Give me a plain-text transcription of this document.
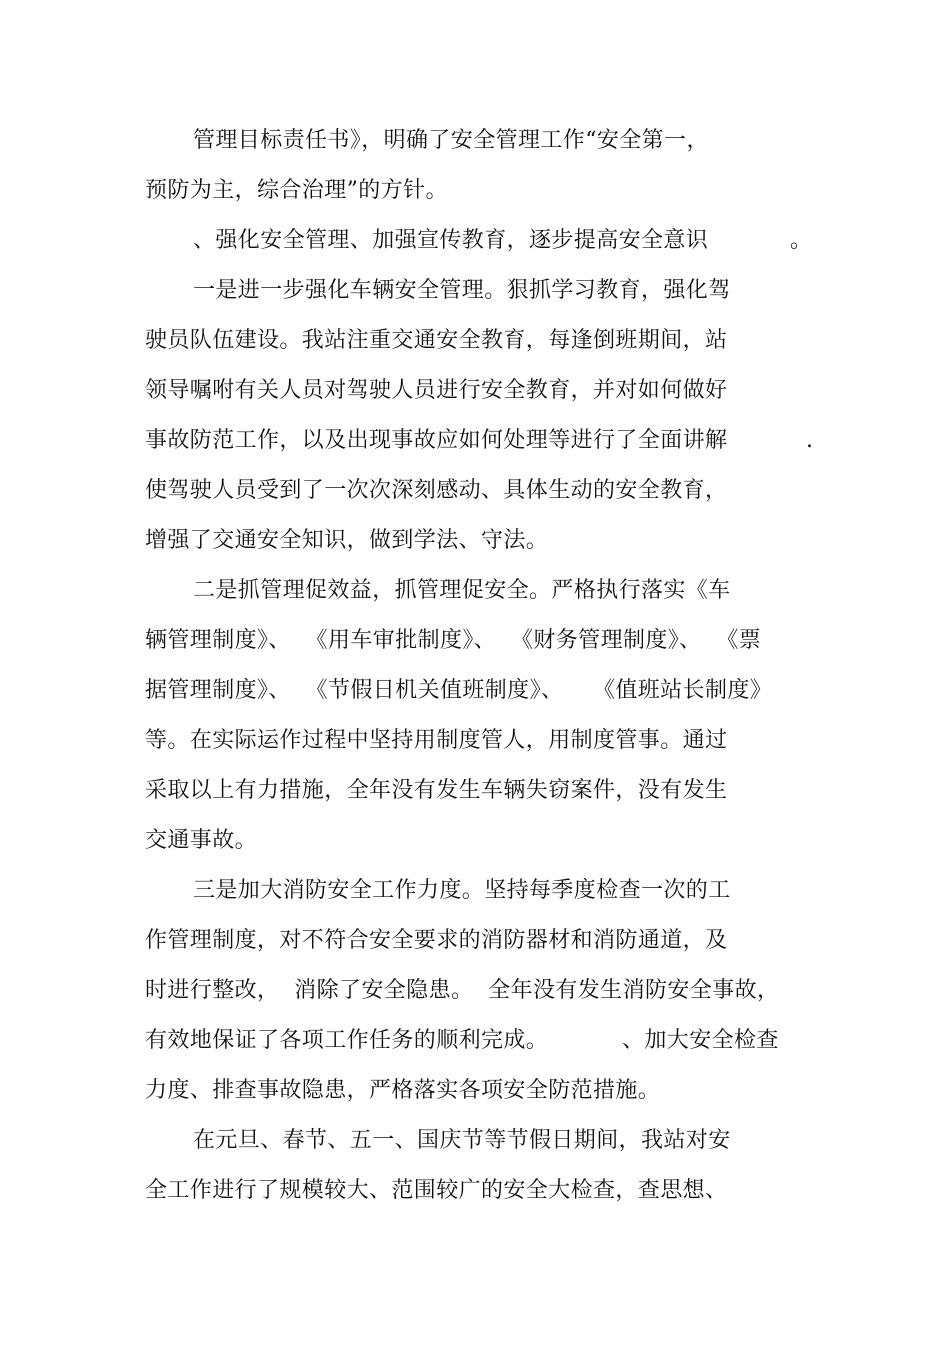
管理目标责任书》，明确了安全管理工作“安全第一，
预防为主，综合治理”的方针。
、强化安全管理、加强宣传教育，逐步提高安全意识	。
一是进一步强化车辆安全管理。狠抓学习教育，强化驾
驶员队伍建设。我站注重交通安全教育，每逢倒班期间，站
领导嘱咐有关人员对驾驶人员进行安全教育，并对如何做好
事故防范工作，以及出现事故应如何处理等进行了全面讲解	.
使驾驶人员受到了一次次深刻感动、具体生动的安全教育，
增强了交通安全知识，做到学法、守法。
二是抓管理促效益，抓管理促安全。严格执行落实《车
辆管理制度》、  《用车审批制度》、  《财务管理制度》、  《票
据管理制度》、  《节假日机关值班制度》、    《值班站长制度》
等。在实际运作过程中坚持用制度管人，用制度管事。通过
采取以上有力措施，全年没有发生车辆失窃案件，没有发生
交通事故。
三是加大消防安全工作力度。坚持每季度检查一次的工
作管理制度，对不符合安全要求的消防器材和消防通道，及
时进行整改，  消除了安全隐患。  全年没有发生消防安全事故，
有效地保证了各项工作任务的顺利完成。	、加大安全检查
力度、排查事故隐患，严格落实各项安全防范措施。
在元旦、春节、五一、国庆节等节假日期间，我站对安
全工作进行了规模较大、范围较广的安全大检查，查思想、
